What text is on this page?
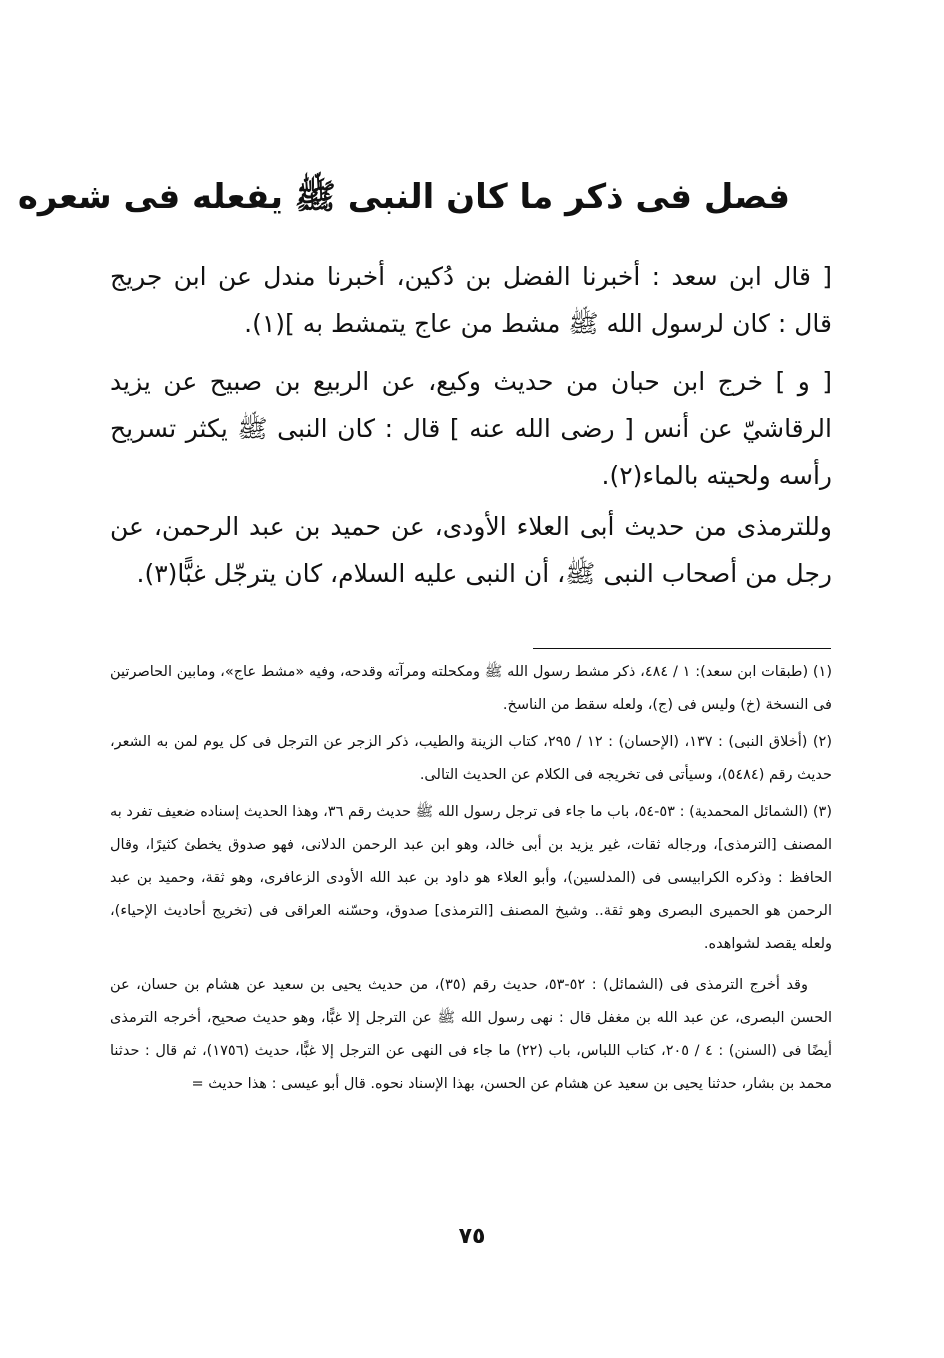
فصل فى ذكر ما كان النبى ﷺ يفعله فى شعره
[ قال ابن سعد : أخبرنا الفضل بن دُكين، أخبرنا مندل عن ابن جريج قال : كان لرسول الله ﷺ مشط من عاج يتمشط به ](١).
[ و ] خرج ابن حبان من حديث وكيع، عن الربيع بن صبيح عن يزيد الرقاشيّ عن أنس [ رضى الله عنه ] قال : كان النبى ﷺ يكثر تسريح رأسه ولحيته بالماء(٢).
وللترمذى من حديث أبى العلاء الأودى، عن حميد بن عبد الرحمن، عن رجل من أصحاب النبى ﷺ، أن النبى عليه السلام، كان يترجّل غبًّا(٣).

(١) (طبقات ابن سعد): ١ / ٤٨٤، ذكر مشط رسول الله ﷺ ومكحلته ومرآته وقدحه، وفيه «مشط عاج»، ومابين الحاصرتين فى النسخة (خ) وليس فى (ج)، ولعله سقط من الناسخ.

(٢) (أخلاق النبى) : ١٣٧، (الإحسان) : ١٢ / ٢٩٥، كتاب الزينة والطيب، ذكر الزجر عن الترجل فى كل يوم لمن به الشعر، حديث رقم (٥٤٨٤)، وسيأتى فى تخريجه فى الكلام عن الحديث التالى.

(٣) (الشمائل المحمدية) : ٥٣-٥٤، باب ما جاء فى ترجل رسول الله ﷺ حديث رقم ٣٦، وهذا الحديث إسناده ضعيف تفرد به المصنف [الترمذى]، ورجاله ثقات، غير يزيد بن أبى خالد، وهو ابن عبد الرحمن الدلانى، فهو صدوق يخطئ كثيرًا، وقال الحافظ : وذكره الكرابيسى فى (المدلسين)، وأبو العلاء هو داود بن عبد الله الأودى الزعافرى، وهو ثقة، وحميد بن عبد الرحمن هو الحميرى البصرى وهو ثقة.. وشيخ المصنف [الترمذى] صدوق، وحسّنه العراقى فى (تخريج أحاديث الإحياء)، ولعله يقصد لشواهده.

وقد أخرج الترمذى فى (الشمائل) : ٥٢-٥٣، حديث رقم (٣٥)، من حديث يحيى بن سعيد عن هشام بن حسان، عن الحسن البصرى، عن عبد الله بن مغفل قال : نهى رسول الله ﷺ عن الترجل إلا غبًّا، وهو حديث صحيح، أخرجه الترمذى أيضًا فى (السنن) : ٤ / ٢٠٥، كتاب اللباس، باب (٢٢) ما جاء فى النهى عن الترجل إلا غبًّا، حديث (١٧٥٦)، ثم قال : حدثنا محمد بن بشار، حدثنا يحيى بن سعيد عن هشام عن الحسن، بهذا الإسناد نحوه. قال أبو عيسى : هذا حديث =

٧٥
